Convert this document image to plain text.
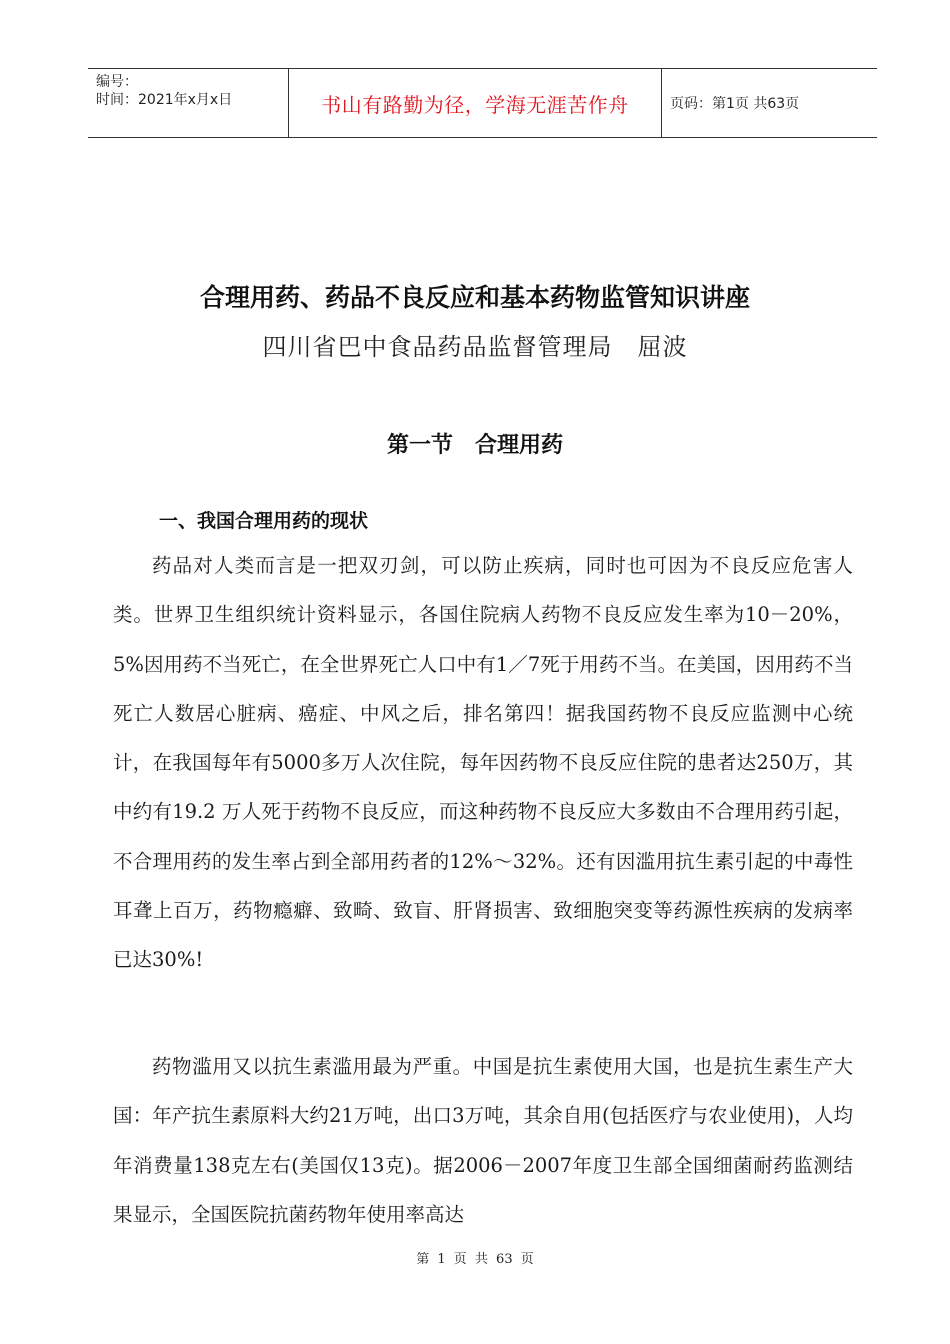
编号：
时间：2021年x月x日	书山有路勤为径，学海无涯苦作舟	页码：第1页 共63页
合理用药、药品不良反应和基本药物监管知识讲座
四川省巴中食品药品监督管理局　屈波
第一节　合理用药
一、我国合理用药的现状

药品对人类而言是一把双刃剑，可以防止疾病，同时也可因为不良反应危害人类。世界卫生组织统计资料显示，各国住院病人药物不良反应发生率为10－20%，5%因用药不当死亡，在全世界死亡人口中有1／7死于用药不当。在美国，因用药不当死亡人数居心脏病、癌症、中风之后，排名第四！据我国药物不良反应监测中心统计，在我国每年有5000多万人次住院，每年因药物不良反应住院的患者达250万，其中约有19.2 万人死于药物不良反应，而这种药物不良反应大多数由不合理用药引起，不合理用药的发生率占到全部用药者的12%～32%。还有因滥用抗生素引起的中毒性耳聋上百万，药物瘾癖、致畸、致盲、肝肾损害、致细胞突变等药源性疾病的发病率已达30%!

药物滥用又以抗生素滥用最为严重。中国是抗生素使用大国，也是抗生素生产大国：年产抗生素原料大约21万吨，出口3万吨，其余自用(包括医疗与农业使用)，人均年消费量138克左右(美国仅13克)。据2006－2007年度卫生部全国细菌耐药监测结果显示，全国医院抗菌药物年使用率高达

第 1 页 共 63 页
